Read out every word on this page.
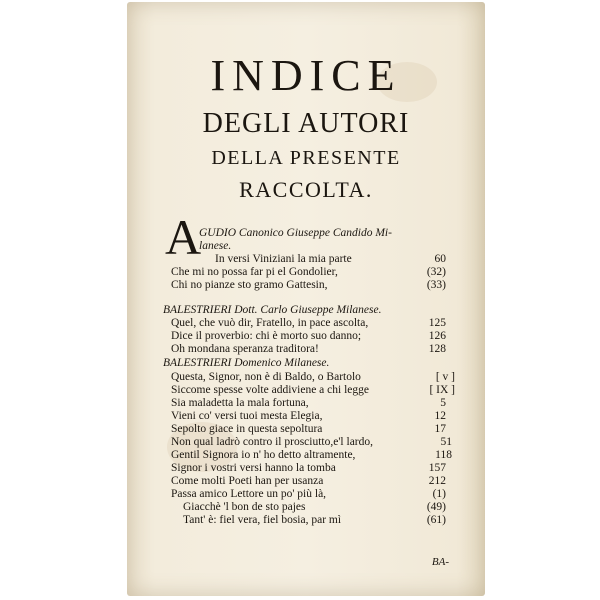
INDICE
DEGLI AUTORI
DELLA PRESENTE
RACCOLTA.
A
GUDIO Canonico Giuseppe Candido Mi-
lanese.
In versi Viniziani la mia parte	60
Che mi no possa far pi el Gondolier,	(32)
Chi no pianze sto gramo Gattesin,	(33)
BALESTRIERI Dott. Carlo Giuseppe Milanese.
Quel, che vuò dir, Fratello, in pace ascolta,	125
Dice il proverbio: chi è morto suo danno;	126
Oh mondana speranza traditora!	128
BALESTRIERI Domenico Milanese.
Questa, Signor, non è di Baldo, o Bartolo	[ v ]
Siccome spesse volte addiviene a chi legge	[ IX ]
Sia maladetta la mala fortuna,	5
Vieni co' versi tuoi mesta Elegia,	12
Sepolto giace in questa sepoltura	17
Non qual ladrò contro il prosciutto,e'l lardo,	51
Gentil Signora io n' ho detto altramente,	118
Signor i vostri versi hanno la tomba	157
Come molti Poeti han per usanza	212
Passa amico Lettore un po' più là,	(1)
Giacchè 'l bon de sto pajes	(49)
Tant' è: fiel vera, fiel bosia, par mì	(61)
BA-
